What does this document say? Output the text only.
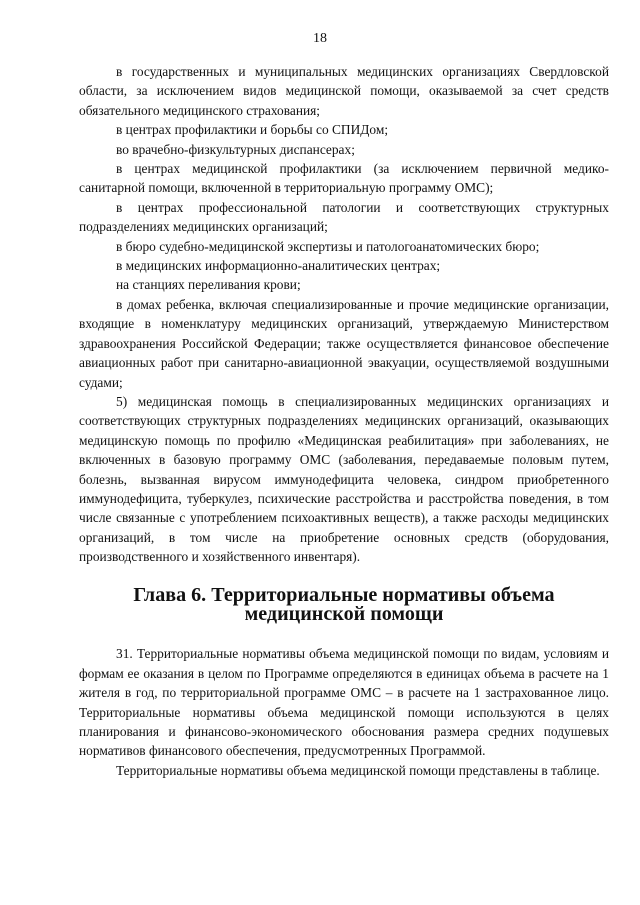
18

в государственных и муниципальных медицинских организациях Свердловской области, за исключением видов медицинской помощи, оказываемой за счет средств обязательного медицинского страхования;

в центрах профилактики и борьбы со СПИДом;

во врачебно-физкультурных диспансерах;

в центрах медицинской профилактики (за исключением первичной медико-санитарной помощи, включенной в территориальную программу ОМС);

в центрах профессиональной патологии и соответствующих структурных подразделениях медицинских организаций;

в бюро судебно-медицинской экспертизы и патологоанатомических бюро;

в медицинских информационно-аналитических центрах;

на станциях переливания крови;

в домах ребенка, включая специализированные и прочие медицинские организации, входящие в номенклатуру медицинских организаций, утверждаемую Министерством здравоохранения Российской Федерации; также осуществляется финансовое обеспечение авиационных работ при санитарно-авиационной эвакуации, осуществляемой воздушными судами;

5) медицинская помощь в специализированных медицинских организациях и соответствующих структурных подразделениях медицинских организаций, оказывающих медицинскую помощь по профилю «Медицинская реабилитация» при заболеваниях, не включенных в базовую программу ОМС (заболевания, передаваемые половым путем, болезнь, вызванная вирусом иммунодефицита человека, синдром приобретенного иммунодефицита, туберкулез, психические расстройства и расстройства поведения, в том числе связанные с употреблением психоактивных веществ), а также расходы медицинских организаций, в том числе на приобретение основных средств (оборудования, производственного и хозяйственного инвентаря).

Глава 6. Территориальные нормативы объема медицинской помощи

31. Территориальные нормативы объема медицинской помощи по видам, условиям и формам ее оказания в целом по Программе определяются в единицах объема в расчете на 1 жителя в год, по территориальной программе ОМС – в расчете на 1 застрахованное лицо. Территориальные нормативы объема медицинской помощи используются в целях планирования и финансово-экономического обоснования размера средних подушевых нормативов финансового обеспечения, предусмотренных Программой.

Территориальные нормативы объема медицинской помощи представлены в таблице.
